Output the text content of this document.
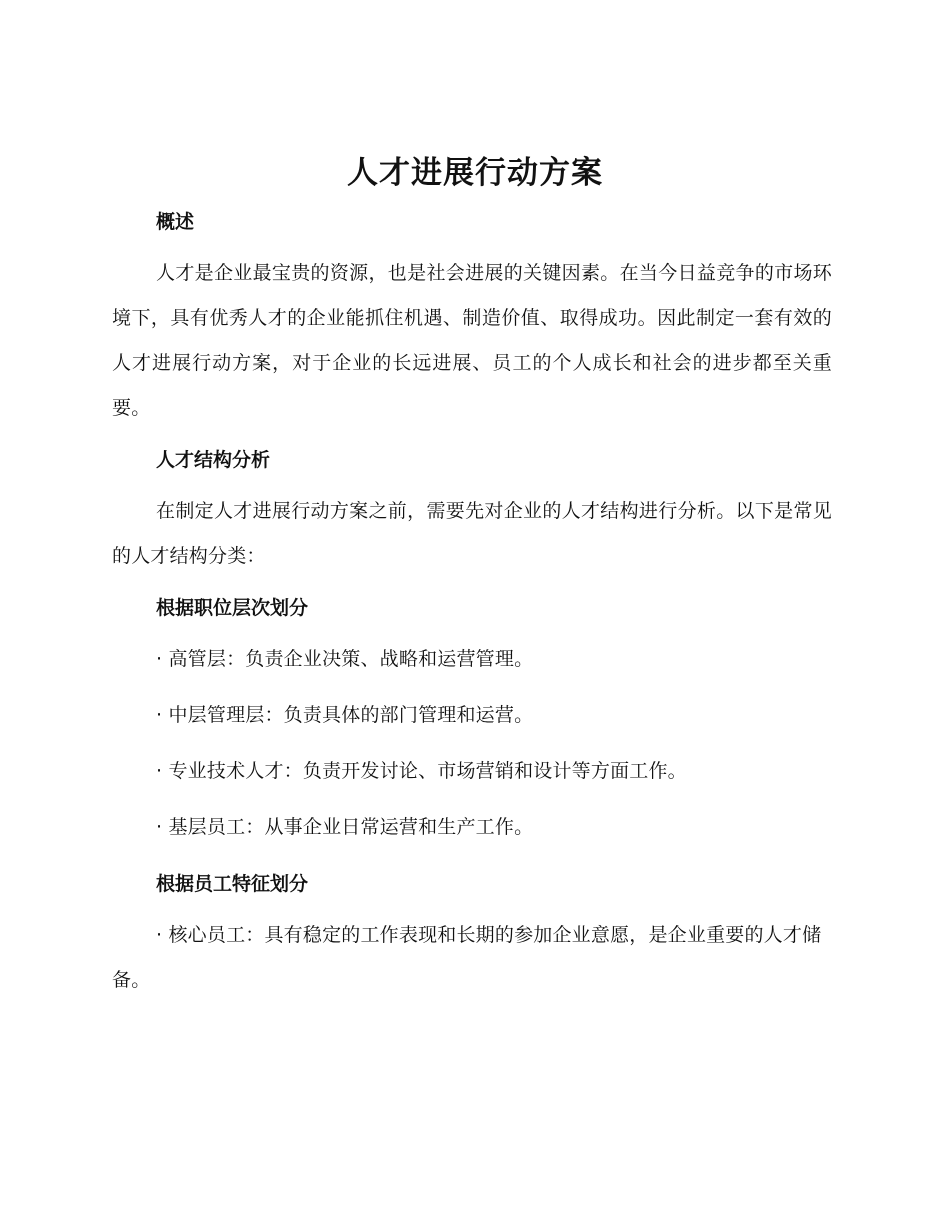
人才进展行动方案

概述

人才是企业最宝贵的资源，也是社会进展的关键因素。在当今日益竞争的市场环境下，具有优秀人才的企业能抓住机遇、制造价值、取得成功。因此制定一套有效的人才进展行动方案，对于企业的长远进展、员工的个人成长和社会的进步都至关重要。

人才结构分析

在制定人才进展行动方案之前，需要先对企业的人才结构进行分析。以下是常见的人才结构分类：

根据职位层次划分

· 高管层：负责企业决策、战略和运营管理。

· 中层管理层：负责具体的部门管理和运营。

· 专业技术人才：负责开发讨论、市场营销和设计等方面工作。

· 基层员工：从事企业日常运营和生产工作。

根据员工特征划分

· 核心员工：具有稳定的工作表现和长期的参加企业意愿，是企业重要的人才储备。
